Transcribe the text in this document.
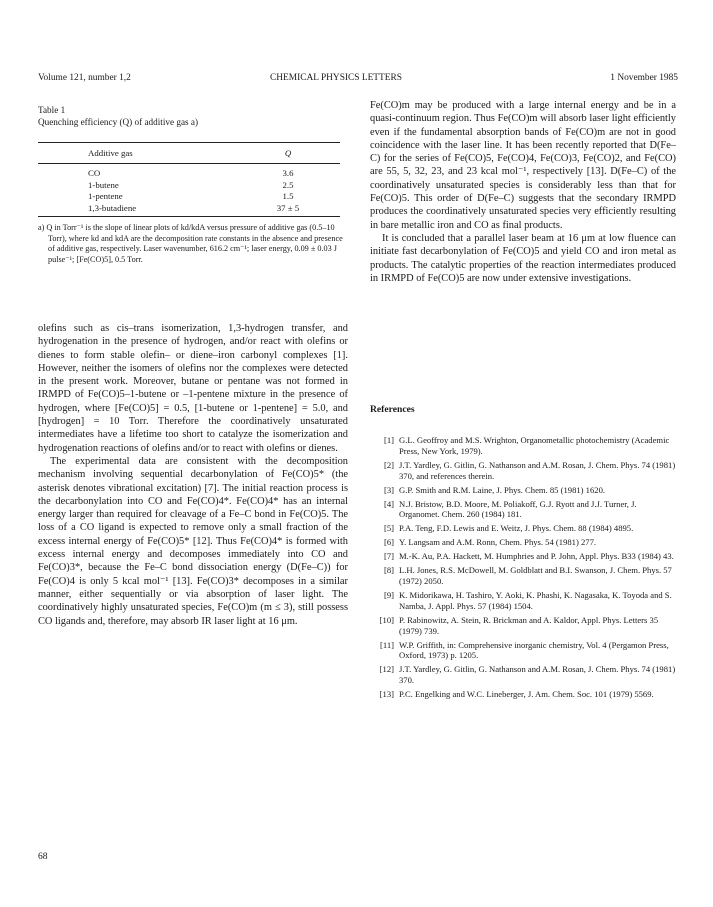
Volume 121, number 1,2	CHEMICAL PHYSICS LETTERS	1 November 1985

Table 1

Quenching efficiency (Q) of additive gas a)

Additive gas	Q
CO	3.6
1-butene	2.5
1-pentene	1.5
1,3-butadiene	37 ± 5

a) Q in Torr⁻¹ is the slope of linear plots of kd/kdA versus pressure of additive gas (0.5–10 Torr), where kd and kdA are the decomposition rate constants in the absence and presence of additive gas, respectively. Laser wavenumber, 616.2 cm⁻¹; laser energy, 0.09 ± 0.03 J pulse⁻¹; [Fe(CO)5], 0.5 Torr.

olefins such as cis–trans isomerization, 1,3-hydrogen transfer, and hydrogenation in the presence of hydrogen, and/or react with olefins or dienes to form stable olefin– or diene–iron carbonyl complexes [1]. However, neither the isomers of olefins nor the complexes were detected in the present work. Moreover, butane or pentane was not formed in IRMPD of Fe(CO)5–1-butene or –1-pentene mixture in the presence of hydrogen, where [Fe(CO)5] = 0.5, [1-butene or 1-pentene] = 5.0, and [hydrogen] = 10 Torr. Therefore the coordinatively unsaturated intermediates have a lifetime too short to catalyze the isomerization and hydrogenation reactions of olefins and/or to react with olefins or dienes.

The experimental data are consistent with the decomposition mechanism involving sequential decarbonylation of Fe(CO)5* (the asterisk denotes vibrational excitation) [7]. The initial reaction process is the decarbonylation into CO and Fe(CO)4*. Fe(CO)4* has an internal energy larger than required for cleavage of a Fe–C bond in Fe(CO)5. The loss of a CO ligand is expected to remove only a small fraction of the excess internal energy of Fe(CO)5* [12]. Thus Fe(CO)4* is formed with excess internal energy and decomposes immediately into CO and Fe(CO)3*, because the Fe–C bond dissociation energy (D(Fe–C)) for Fe(CO)4 is only 5 kcal mol⁻¹ [13]. Fe(CO)3* decomposes in a similar manner, either sequentially or via absorption of laser light. The coordinatively highly unsaturated species, Fe(CO)m (m ≤ 3), still possess CO ligands and, therefore, may absorb IR laser light at 16 μm.

Fe(CO)m may be produced with a large internal energy and be in a quasi-continuum region. Thus Fe(CO)m will absorb laser light efficiently even if the fundamental absorption bands of Fe(CO)m are not in good coincidence with the laser line. It has been recently reported that D(Fe–C) for the series of Fe(CO)5, Fe(CO)4, Fe(CO)3, Fe(CO)2, and Fe(CO) are 55, 5, 32, 23, and 23 kcal mol⁻¹, respectively [13]. D(Fe–C) of the coordinatively unsaturated species is considerably less than that for Fe(CO)5. This order of D(Fe–C) suggests that the secondary IRMPD produces the coordinatively unsaturated species very efficiently resulting in bare metallic iron and CO as final products.

It is concluded that a parallel laser beam at 16 μm at low fluence can initiate fast decarbonylation of Fe(CO)5 and yield CO and iron metal as products. The catalytic properties of the reaction intermediates produced in IRMPD of Fe(CO)5 are now under extensive investigations.

References

[1] G.L. Geoffroy and M.S. Wrighton, Organometallic photochemistry (Academic Press, New York, 1979).
[2] J.T. Yardley, G. Gitlin, G. Nathanson and A.M. Rosan, J. Chem. Phys. 74 (1981) 370, and references therein.
[3] G.P. Smith and R.M. Laine, J. Phys. Chem. 85 (1981) 1620.
[4] N.J. Bristow, B.D. Moore, M. Poliakoff, G.J. Ryott and J.J. Turner, J. Organomet. Chem. 260 (1984) 181.
[5] P.A. Teng, F.D. Lewis and E. Weitz, J. Phys. Chem. 88 (1984) 4895.
[6] Y. Langsam and A.M. Ronn, Chem. Phys. 54 (1981) 277.
[7] M.-K. Au, P.A. Hackett, M. Humphries and P. John, Appl. Phys. B33 (1984) 43.
[8] L.H. Jones, R.S. McDowell, M. Goldblatt and B.I. Swanson, J. Chem. Phys. 57 (1972) 2050.
[9] K. Midorikawa, H. Tashiro, Y. Aoki, K. Phashi, K. Nagasaka, K. Toyoda and S. Namba, J. Appl. Phys. 57 (1984) 1504.
[10] P. Rabinowitz, A. Stein, R. Brickman and A. Kaldor, Appl. Phys. Letters 35 (1979) 739.
[11] W.P. Griffith, in: Comprehensive inorganic chemistry, Vol. 4 (Pergamon Press, Oxford, 1973) p. 1205.
[12] J.T. Yardley, G. Gitlin, G. Nathanson and A.M. Rosan, J. Chem. Phys. 74 (1981) 370.
[13] P.C. Engelking and W.C. Lineberger, J. Am. Chem. Soc. 101 (1979) 5569.
68
